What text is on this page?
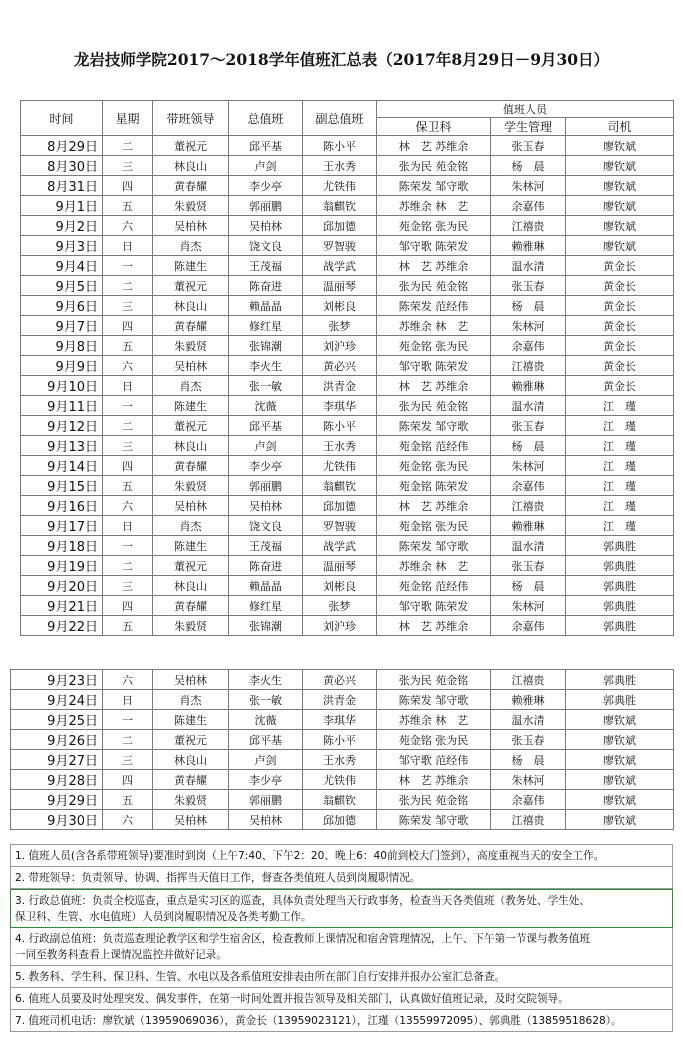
龙岩技师学院2017～2018学年值班汇总表（2017年8月29日－9月30日）
时间	星期	带班领导	总值班	副总值班	值班人员		
					保卫科	学生管理	司机
8月29日	二	董祝元	邱平基	陈小平	林　艺 苏维余	张玉春	廖钦斌
8月30日	三	林良山	卢剑	王水秀	张为民 苑金铭	杨　晨	廖钦斌
8月31日	四	黄春耀	李少亭	尤铁伟	陈荣发 邹守歌	朱林河	廖钦斌
9月1日	五	朱毅贤	郭丽鹏	翁麒钦	苏维余 林　艺	余嘉伟	廖钦斌
9月2日	六	吴柏林	吴柏林	邱加德	苑金铭 张为民	江禧贵	廖钦斌
9月3日	日	肖杰	饶文良	罗智骏	邹守歌 陈荣发	赖雅琳	廖钦斌
9月4日	一	陈建生	王茂福	战学武	林　艺 苏维余	温水清	黄金长
9月5日	二	董祝元	陈奋进	温丽琴	张为民 苑金铭	张玉春	黄金长
9月6日	三	林良山	赖晶晶	刘彬良	陈荣发 范经伟	杨　晨	黄金长
9月7日	四	黄春耀	修红星	张梦	苏维余 林　艺	朱林河	黄金长
9月8日	五	朱毅贤	张锦潮	刘沪珍	苑金铭 张为民	余嘉伟	黄金长
9月9日	六	吴柏林	李火生	黄必兴	邹守歌 陈荣发	江禧贵	黄金长
9月10日	日	肖杰	张一敏	洪青金	林　艺 苏维余	赖雅琳	黄金长
9月11日	一	陈建生	沈薇	李琪华	张为民 苑金铭	温水清	江　瑾
9月12日	二	董祝元	邱平基	陈小平	陈荣发 邹守歌	张玉春	江　瑾
9月13日	三	林良山	卢剑	王水秀	苑金铭 范经伟	杨　晨	江　瑾
9月14日	四	黄春耀	李少亭	尤铁伟	苑金铭 张为民	朱林河	江　瑾
9月15日	五	朱毅贤	郭丽鹏	翁麒钦	苑金铭 陈荣发	余嘉伟	江　瑾
9月16日	六	吴柏林	吴柏林	邱加德	林　艺 苏维余	江禧贵	江　瑾
9月17日	日	肖杰	饶文良	罗智骏	苑金铭 张为民	赖雅琳	江　瑾
9月18日	一	陈建生	王茂福	战学武	陈荣发 邹守歌	温水清	郭典胜
9月19日	二	董祝元	陈奋进	温丽琴	苏维余 林　艺	张玉春	郭典胜
9月20日	三	林良山	赖晶晶	刘彬良	苑金铭 范经伟	杨　晨	郭典胜
9月21日	四	黄春耀	修红星	张梦	邹守歌 陈荣发	朱林河	郭典胜
9月22日	五	朱毅贤	张锦潮	刘沪珍	林　艺 苏维余	余嘉伟	郭典胜
9月23日	六	吴柏林	李火生	黄必兴	张为民 苑金铭	江禧贵	郭典胜
9月24日	日	肖杰	张一敏	洪青金	陈荣发 邹守歌	赖雅琳	郭典胜
9月25日	一	陈建生	沈薇	李琪华	苏维余 林　艺	温水清	廖钦斌
9月26日	二	董祝元	邱平基	陈小平	苑金铭 张为民	张玉春	廖钦斌
9月27日	三	林良山	卢剑	王水秀	邹守歌 范经伟	杨　晨	廖钦斌
9月28日	四	黄春耀	李少亭	尤铁伟	林　艺 苏维余	朱林河	廖钦斌
9月29日	五	朱毅贤	郭丽鹏	翁麒钦	张为民 苑金铭	余嘉伟	廖钦斌
9月30日	六	吴柏林	吴柏林	邱加德	陈荣发 邹守歌	江禧贵	廖钦斌
1. 值班人员(含各系带班领导)要准时到岗（上午7:40、下午2：20、晚上6：40前到校大门签到），高度重视当天的安全工作。
2. 带班领导：负责领导、协调、指挥当天值日工作，督查各类值班人员到岗履职情况。
3. 行政总值班：负责全校巡查，重点是实习区的巡查，具体负责处理当天行政事务，检查当天各类值班（教务处、学生处、
保卫科、生管、水电值班）人员到岗履职情况及各类考勤工作。
4. 行政副总值班：负责巡查理论教学区和学生宿舍区，检查教师上课情况和宿舍管理情况，上午、下午第一节课与教务值班
一同至教务科查看上课情况监控并做好记录。
5. 教务科、学生科、保卫科、生管、水电以及各系值班安排表由所在部门自行安排并报办公室汇总备查。
6. 值班人员要及时处理突发、偶发事件，在第一时间处置并报告领导及相关部门，认真做好值班记录，及时交院领导。
7. 值班司机电话：廖钦斌（13959069036），黄金长（13959023121），江瑾（13559972095）、郭典胜（13859518628）。
